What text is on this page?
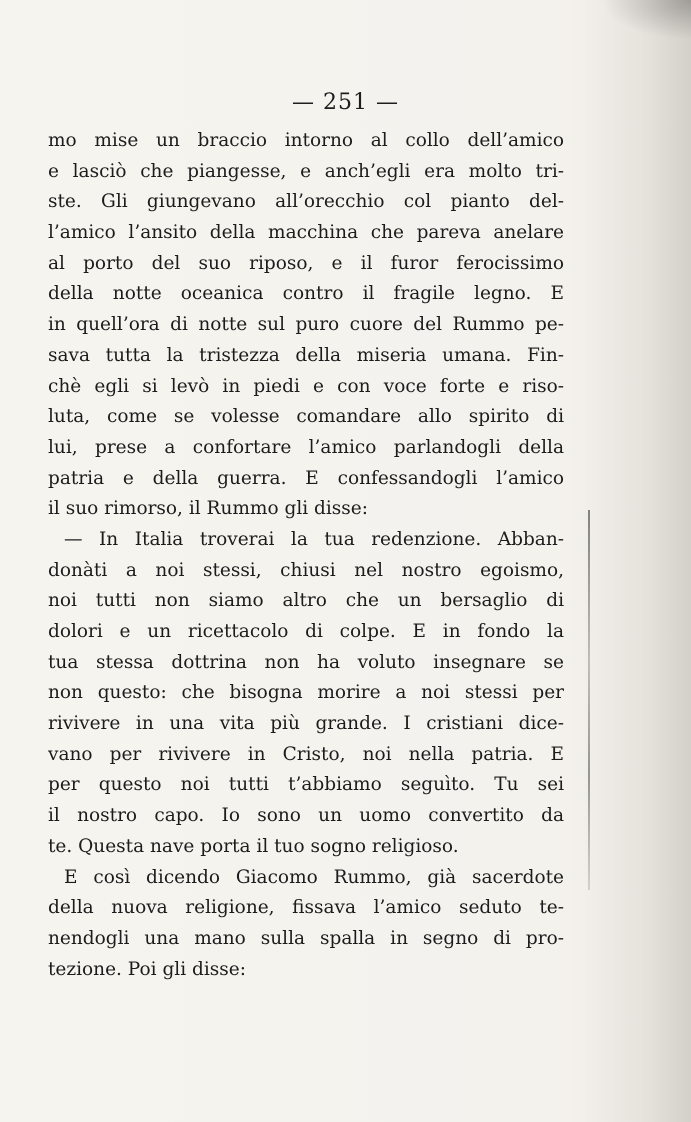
— 251 —
mo mise un braccio intorno al collo dell’amico
e lasciò che piangesse, e anch’egli era molto tri-
ste. Gli giungevano all’orecchio col pianto del-
l’amico l’ansito della macchina che pareva anelare
al porto del suo riposo, e il furor ferocissimo
della notte oceanica contro il fragile legno. E
in quell’ora di notte sul puro cuore del Rummo pe-
sava tutta la tristezza della miseria umana. Fin-
chè egli si levò in piedi e con voce forte e riso-
luta, come se volesse comandare allo spirito di
lui, prese a confortare l’amico parlandogli della
patria e della guerra. E confessandogli l’amico
il suo rimorso, il Rummo gli disse:
— In Italia troverai la tua redenzione. Abban-
donàti a noi stessi, chiusi nel nostro egoismo,
noi tutti non siamo altro che un bersaglio di
dolori e un ricettacolo di colpe. E in fondo la
tua stessa dottrina non ha voluto insegnare se
non questo: che bisogna morire a noi stessi per
rivivere in una vita più grande. I cristiani dice-
vano per rivivere in Cristo, noi nella patria. E
per questo noi tutti t’abbiamo seguìto. Tu sei
il nostro capo. Io sono un uomo convertito da
te. Questa nave porta il tuo sogno religioso.
E così dicendo Giacomo Rummo, già sacerdote
della nuova religione, fissava l’amico seduto te-
nendogli una mano sulla spalla in segno di pro-
tezione. Poi gli disse:
